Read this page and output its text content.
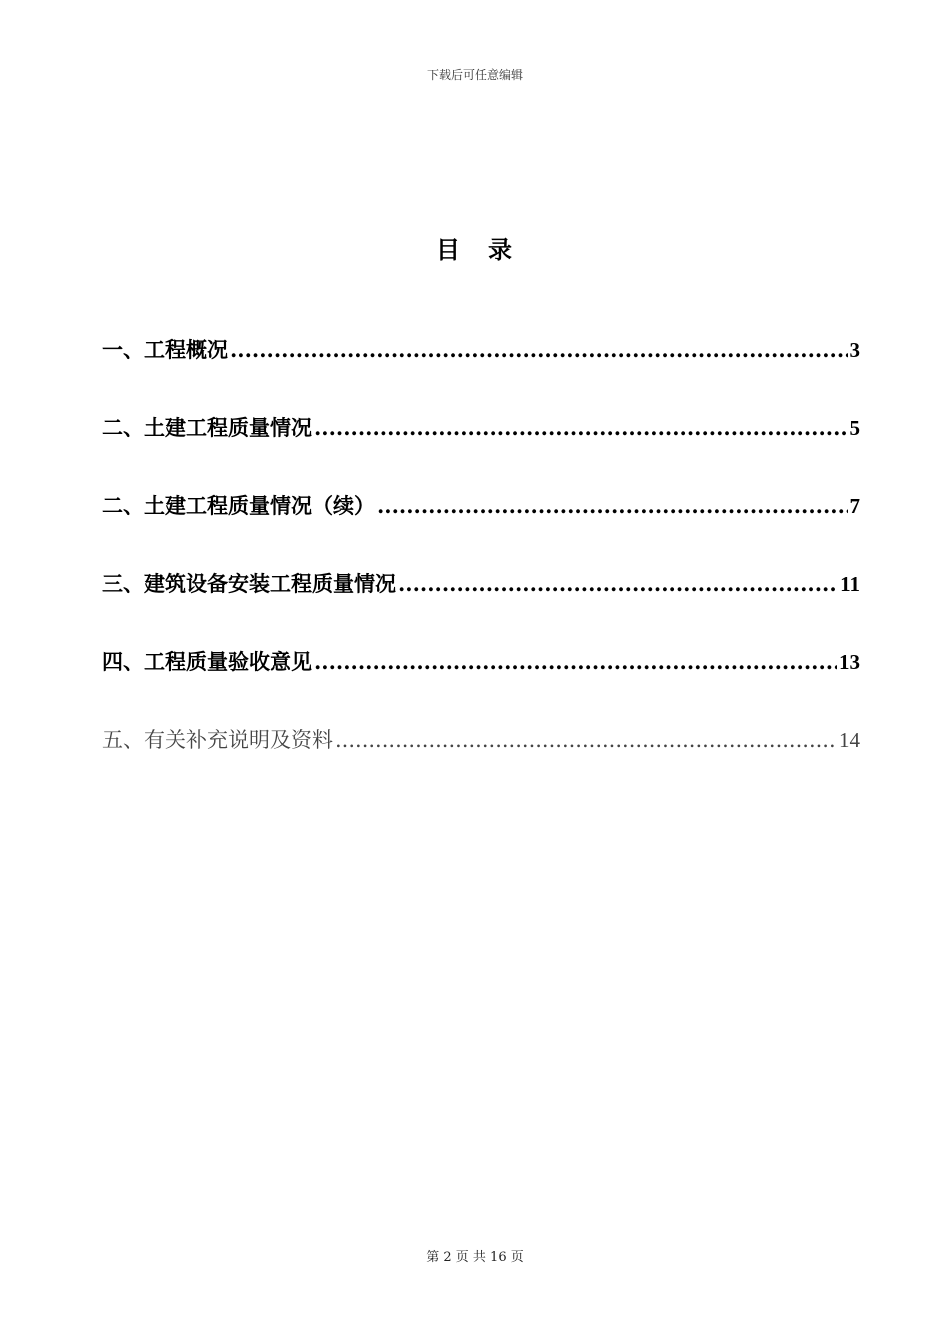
下载后可任意编辑
目 录
一、工程概况 .....	3
二、土建工程质量情况 .....	5
二、土建工程质量情况（续） .....	7
三、建筑设备安装工程质量情况 .....	11
四、工程质量验收意见 .....	13
五、有关补充说明及资料 .....	14
第 2 页 共 16 页
